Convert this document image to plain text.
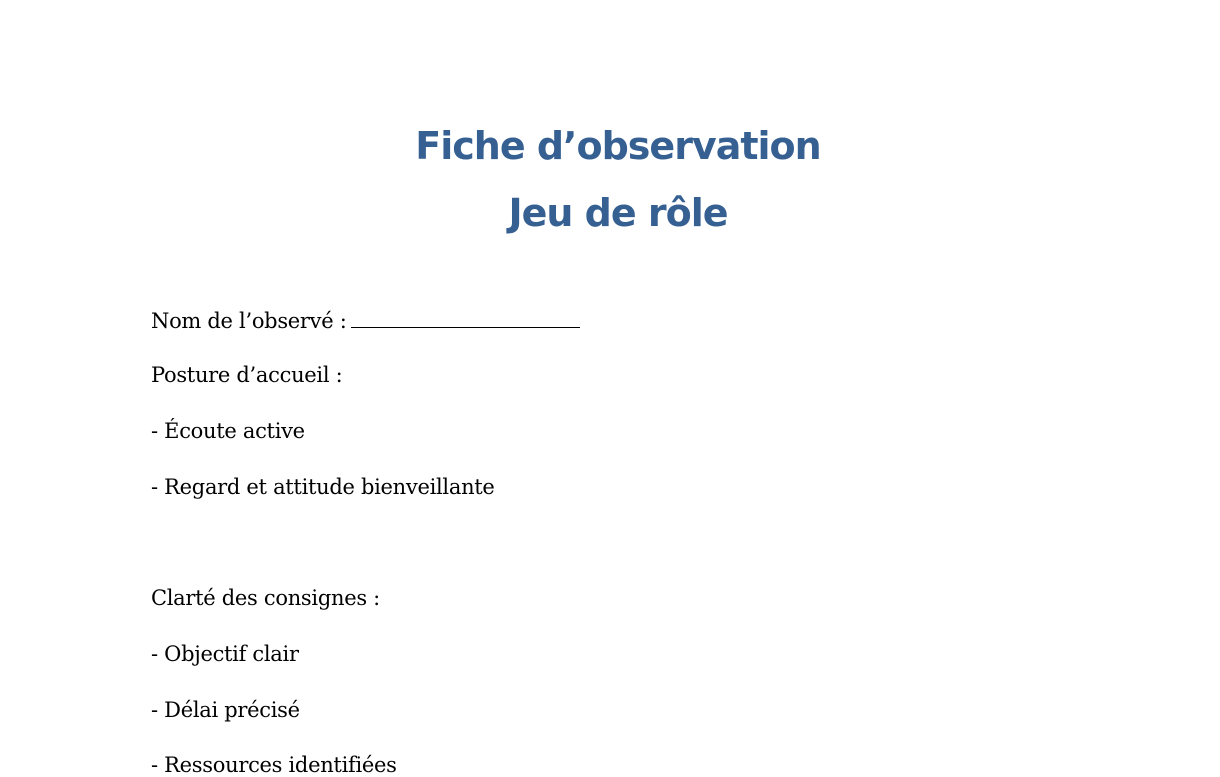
Fiche d’observation
Jeu de rôle
Nom de l’observé :
Posture d’accueil :
- Écoute active
- Regard et attitude bienveillante
Clarté des consignes :
- Objectif clair
- Délai précisé
- Ressources identifiées
